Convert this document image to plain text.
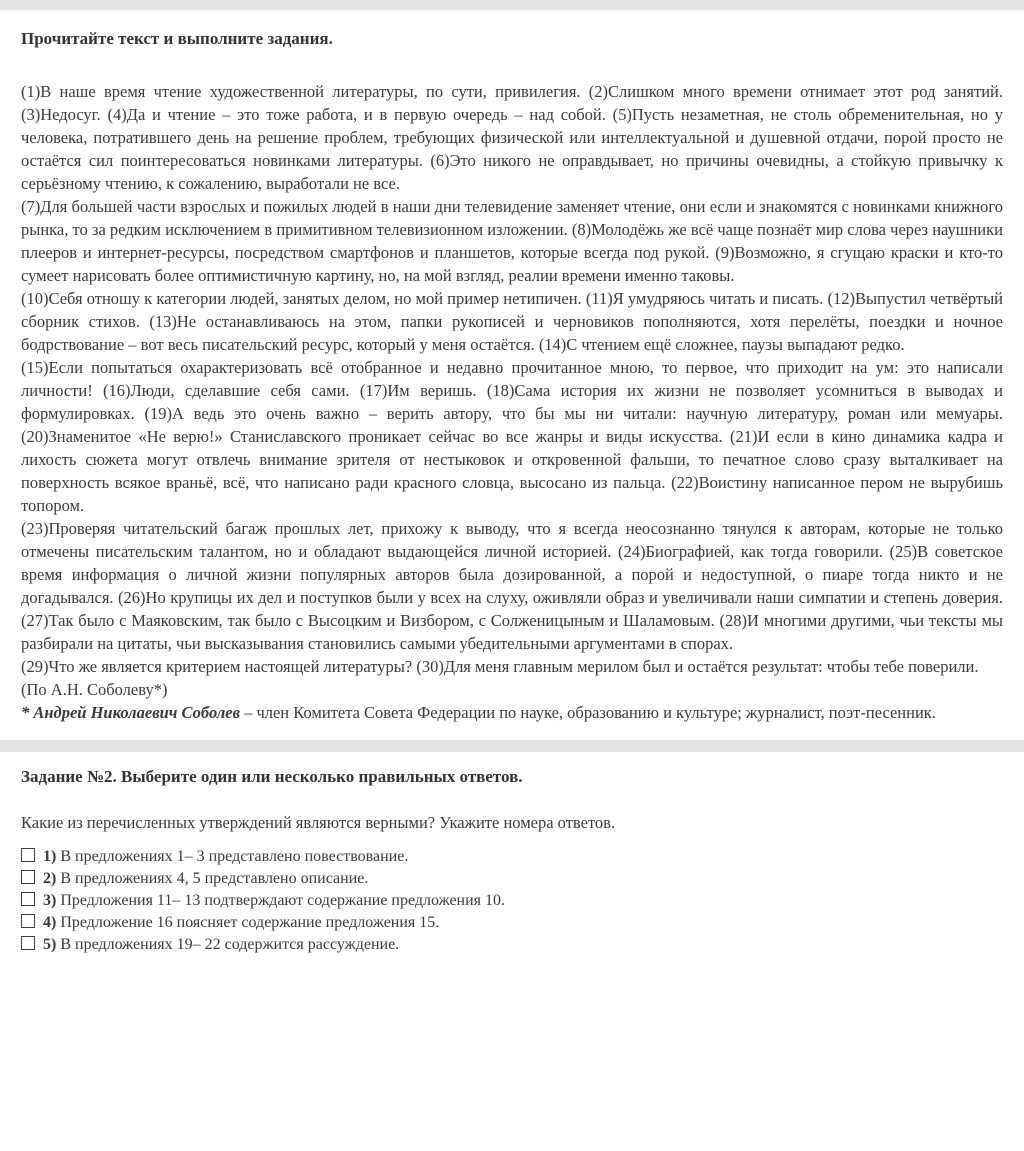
Прочитайте текст и выполните задания.

(1)В наше время чтение художественной литературы, по сути, привилегия. (2)Слишком много времени отнимает этот род занятий. (3)Недосуг. (4)Да и чтение – это тоже работа, и в первую очередь – над собой. (5)Пусть незаметная, не столь обременительная, но у человека, потратившего день на решение проблем, требующих физической или интеллектуальной и душевной отдачи, порой просто не остаётся сил поинтересоваться новинками литературы. (6)Это никого не оправдывает, но причины очевидны, а стойкую привычку к серьёзному чтению, к сожалению, выработали не все.

(7)Для большей части взрослых и пожилых людей в наши дни телевидение заменяет чтение, они если и знакомятся с новинками книжного рынка, то за редким исключением в примитивном телевизионном изложении. (8)Молодёжь же всё чаще познаёт мир слова через наушники плееров и интернет-ресурсы, посредством смартфонов и планшетов, которые всегда под рукой. (9)Возможно, я сгущаю краски и кто-то сумеет нарисовать более оптимистичную картину, но, на мой взгляд, реалии времени именно таковы.

(10)Себя отношу к категории людей, занятых делом, но мой пример нетипичен. (11)Я умудряюсь читать и писать. (12)Выпустил четвёртый сборник стихов. (13)Не останавливаюсь на этом, папки рукописей и черновиков пополняются, хотя перелёты, поездки и ночное бодрствование – вот весь писательский ресурс, который у меня остаётся. (14)С чтением ещё сложнее, паузы выпадают редко.

(15)Если попытаться охарактеризовать всё отобранное и недавно прочитанное мною, то первое, что приходит на ум: это написали личности! (16)Люди, сделавшие себя сами. (17)Им веришь. (18)Сама история их жизни не позволяет усомниться в выводах и формулировках. (19)А ведь это очень важно – верить автору, что бы мы ни читали: научную литературу, роман или мемуары. (20)Знаменитое «Не верю!» Станиславского проникает сейчас во все жанры и виды искусства. (21)И если в кино динамика кадра и лихость сюжета могут отвлечь внимание зрителя от нестыковок и откровенной фальши, то печатное слово сразу выталкивает на поверхность всякое враньё, всё, что написано ради красного словца, высосано из пальца. (22)Воистину написанное пером не вырубишь топором.

(23)Проверяя читательский багаж прошлых лет, прихожу к выводу, что я всегда неосознанно тянулся к авторам, которые не только отмечены писательским талантом, но и обладают выдающейся личной историей. (24)Биографией, как тогда говорили. (25)В советское время информация о личной жизни популярных авторов была дозированной, а порой и недоступной, о пиаре тогда никто и не догадывался. (26)Но крупицы их дел и поступков были у всех на слуху, оживляли образ и увеличивали наши симпатии и степень доверия. (27)Так было с Маяковским, так было с Высоцким и Визбором, с Солженицыным и Шаламовым. (28)И многими другими, чьи тексты мы разбирали на цитаты, чьи высказывания становились самыми убедительными аргументами в спорах.

(29)Что же является критерием настоящей литературы? (30)Для меня главным мерилом был и остаётся результат: чтобы тебе поверили.

(По А.Н. Соболеву*)

* Андрей Николаевич Соболев – член Комитета Совета Федерации по науке, образованию и культуре; журналист, поэт-песенник.

Задание №2. Выберите один или несколько правильных ответов.

Какие из перечисленных утверждений являются верными? Укажите номера ответов.

1) В предложениях 1– 3 представлено повествование.
2) В предложениях 4, 5 представлено описание.
3) Предложения 11– 13 подтверждают содержание предложения 10.
4) Предложение 16 поясняет содержание предложения 15.
5) В предложениях 19– 22 содержится рассуждение.
